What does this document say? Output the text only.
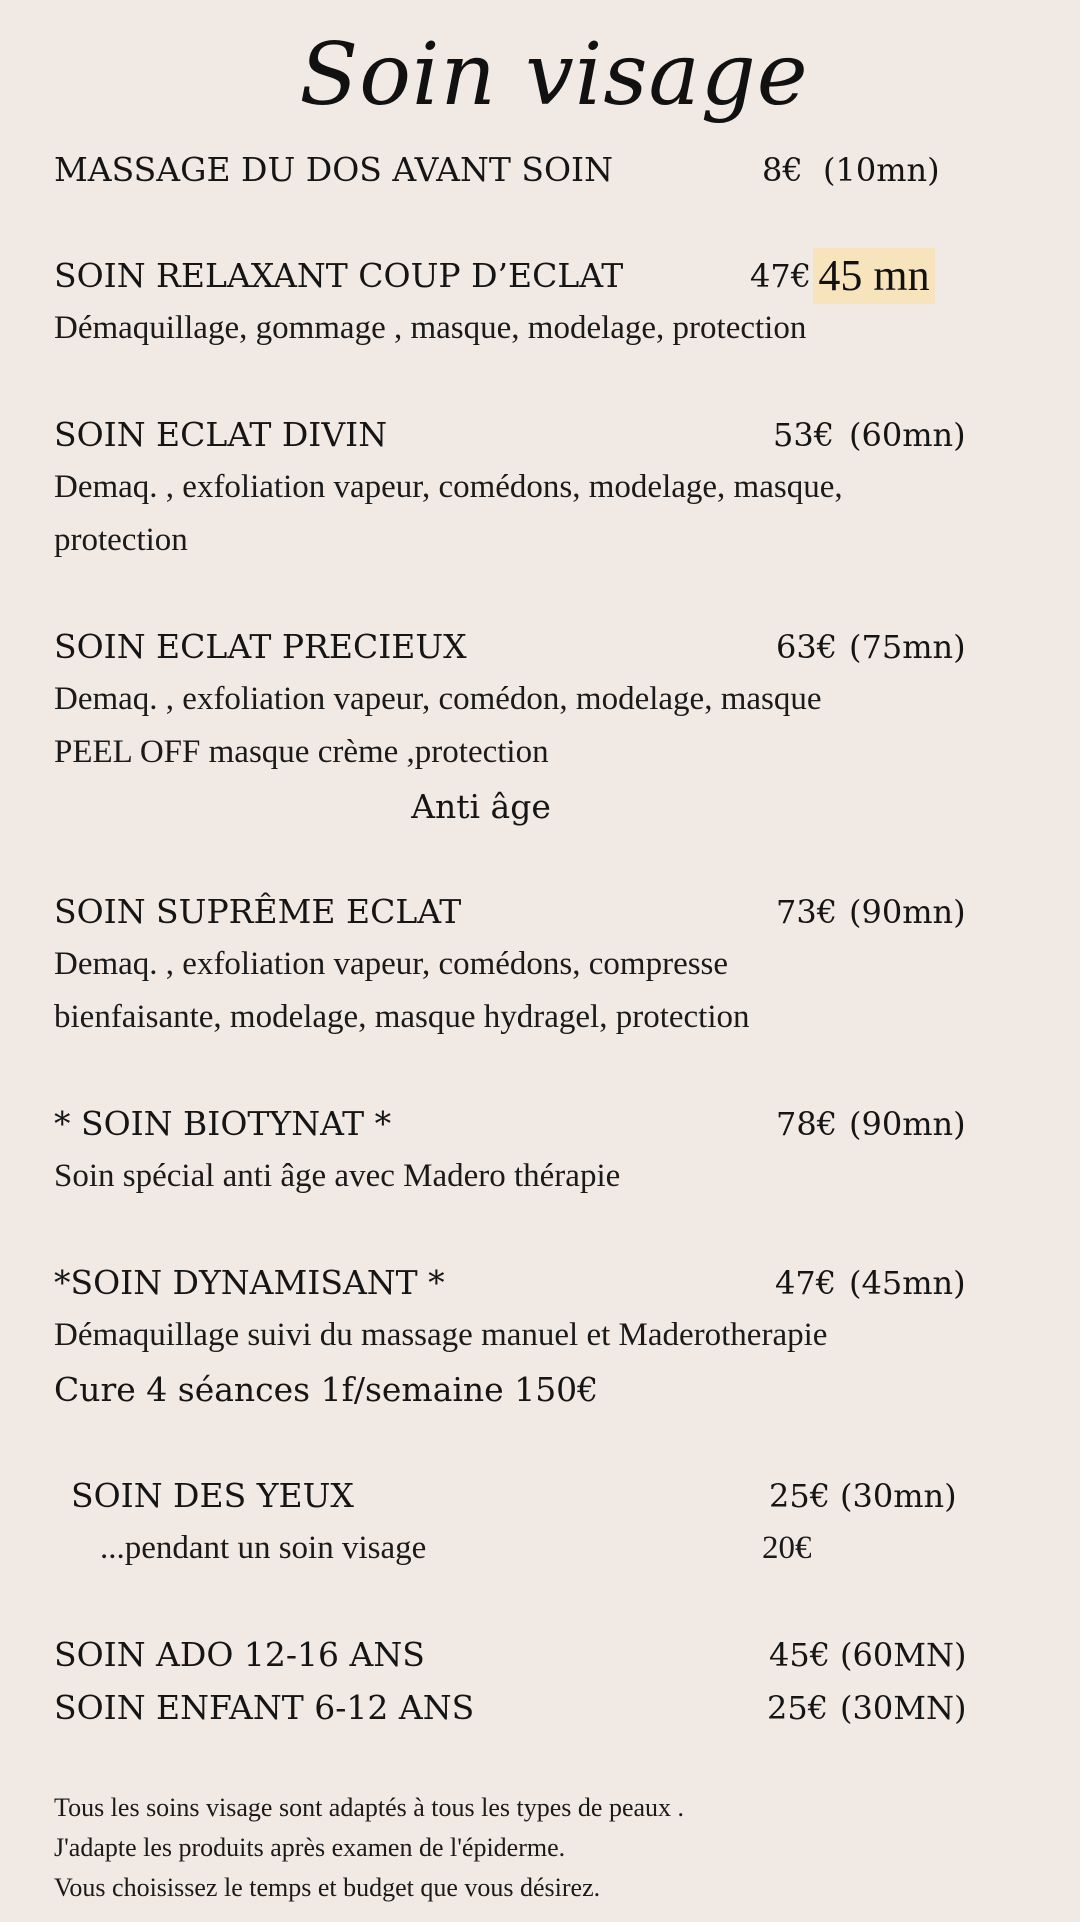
Soin visage
MASSAGE DU DOS AVANT SOIN	8€ (10mn)
SOIN RELAXANT COUP D’ECLAT	47€ 45 mn
Démaquillage, gommage , masque, modelage, protection
SOIN ECLAT DIVIN	53€ (60mn)
Demaq. , exfoliation vapeur, comédons, modelage, masque,
protection
SOIN ECLAT PRECIEUX	63€ (75mn)
Demaq. , exfoliation vapeur, comédon, modelage, masque
PEEL OFF masque crème ,protection
Anti âge
SOIN SUPRÊME ECLAT	73€ (90mn)
Demaq. , exfoliation vapeur, comédons, compresse
bienfaisante, modelage, masque hydragel, protection
* SOIN BIOTYNAT *	78€ (90mn)
Soin spécial anti âge avec Madero thérapie
*SOIN DYNAMISANT *	47€ (45mn)
Démaquillage suivi du massage manuel et Maderotherapie
Cure 4 séances 1f/semaine 150€
SOIN DES YEUX	25€ (30mn)
...pendant un soin visage	20€
SOIN ADO 12-16 ANS	45€ (60MN)
SOIN ENFANT 6-12 ANS	25€ (30MN)
Tous les soins visage sont adaptés à tous les types de peaux .
J'adapte les produits après examen de l'épiderme.
Vous choisissez le temps et budget que vous désirez.
